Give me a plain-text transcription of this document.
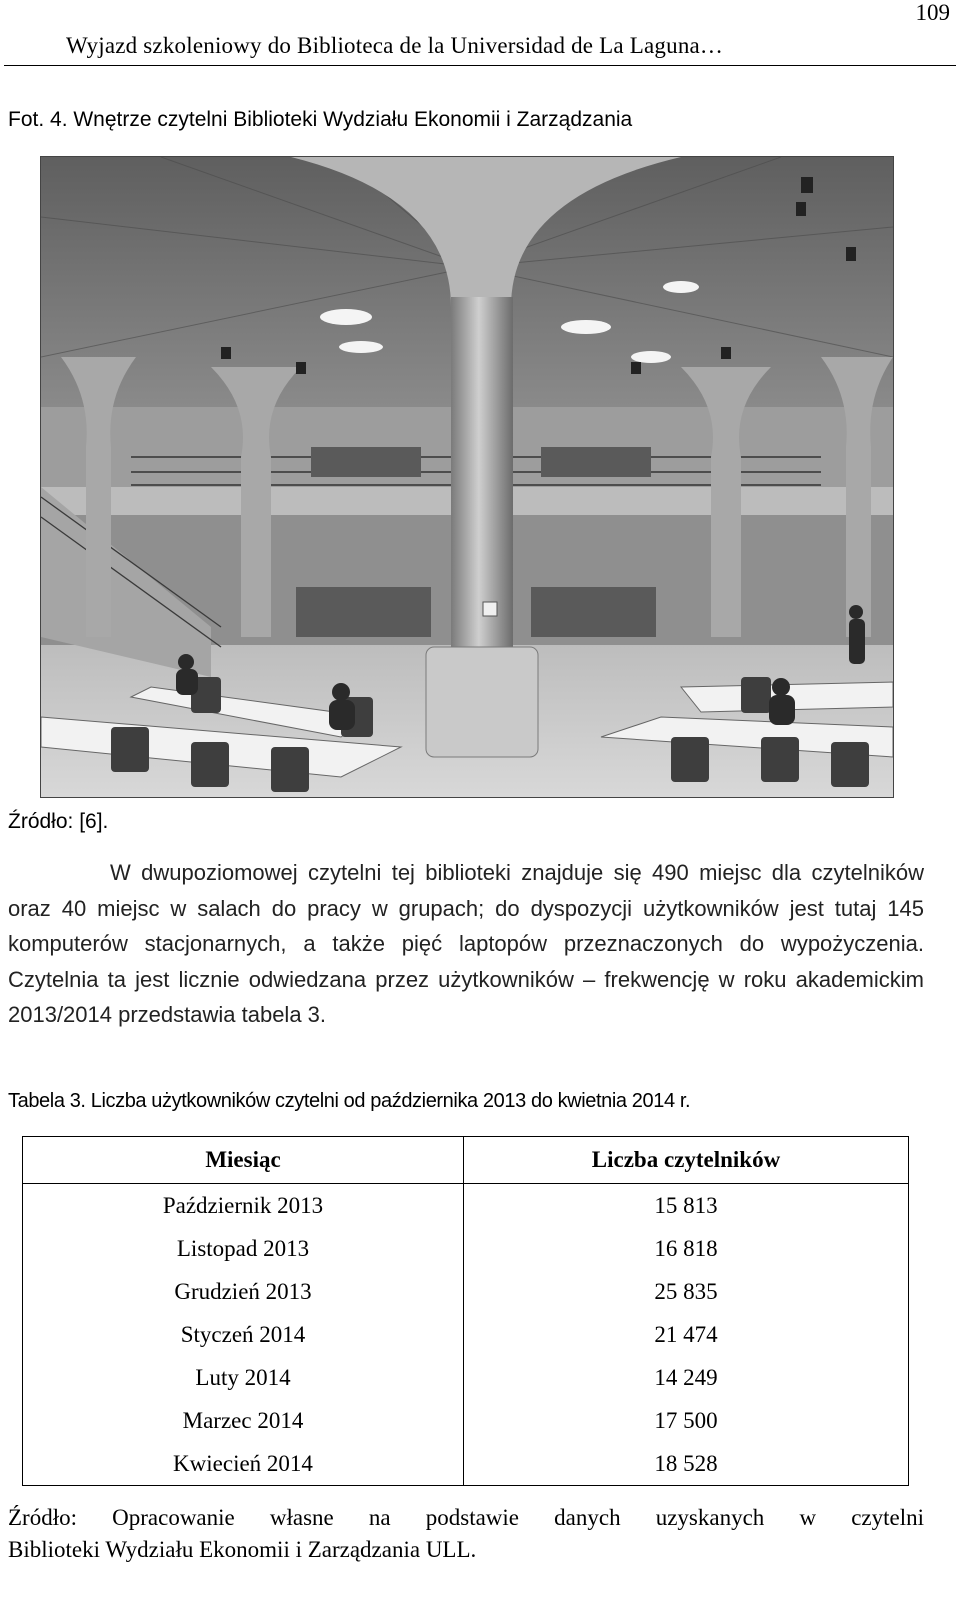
109
Wyjazd szkoleniowy do Biblioteca de la Universidad de La Laguna…
Fot. 4. Wnętrze czytelni Biblioteki Wydziału Ekonomii i Zarządzania
Źródło: [6].

W dwupoziomowej czytelni tej biblioteki znajduje się 490 miejsc dla czytelników oraz 40 miejsc w salach do pracy w grupach; do dyspozycji użytkowników jest tutaj 145 komputerów stacjonarnych, a także pięć laptopów przeznaczonych do wypożyczenia. Czytelnia ta jest licznie odwiedzana przez użytkowników – frekwencję w roku akademickim 2013/2014 przedstawia tabela 3.

Tabela 3. Liczba użytkowników czytelni od października 2013 do kwietnia 2014 r.
Miesiąc	Liczba czytelników
Październik 2013	15 813
Listopad 2013	16 818
Grudzień 2013	25 835
Styczeń 2014	21 474
Luty 2014	14 249
Marzec 2014	17 500
Kwiecień 2014	18 528

Źródło: Opracowanie własne na podstawie danych uzyskanych w czytelni
Biblioteki Wydziału Ekonomii i Zarządzania ULL.
